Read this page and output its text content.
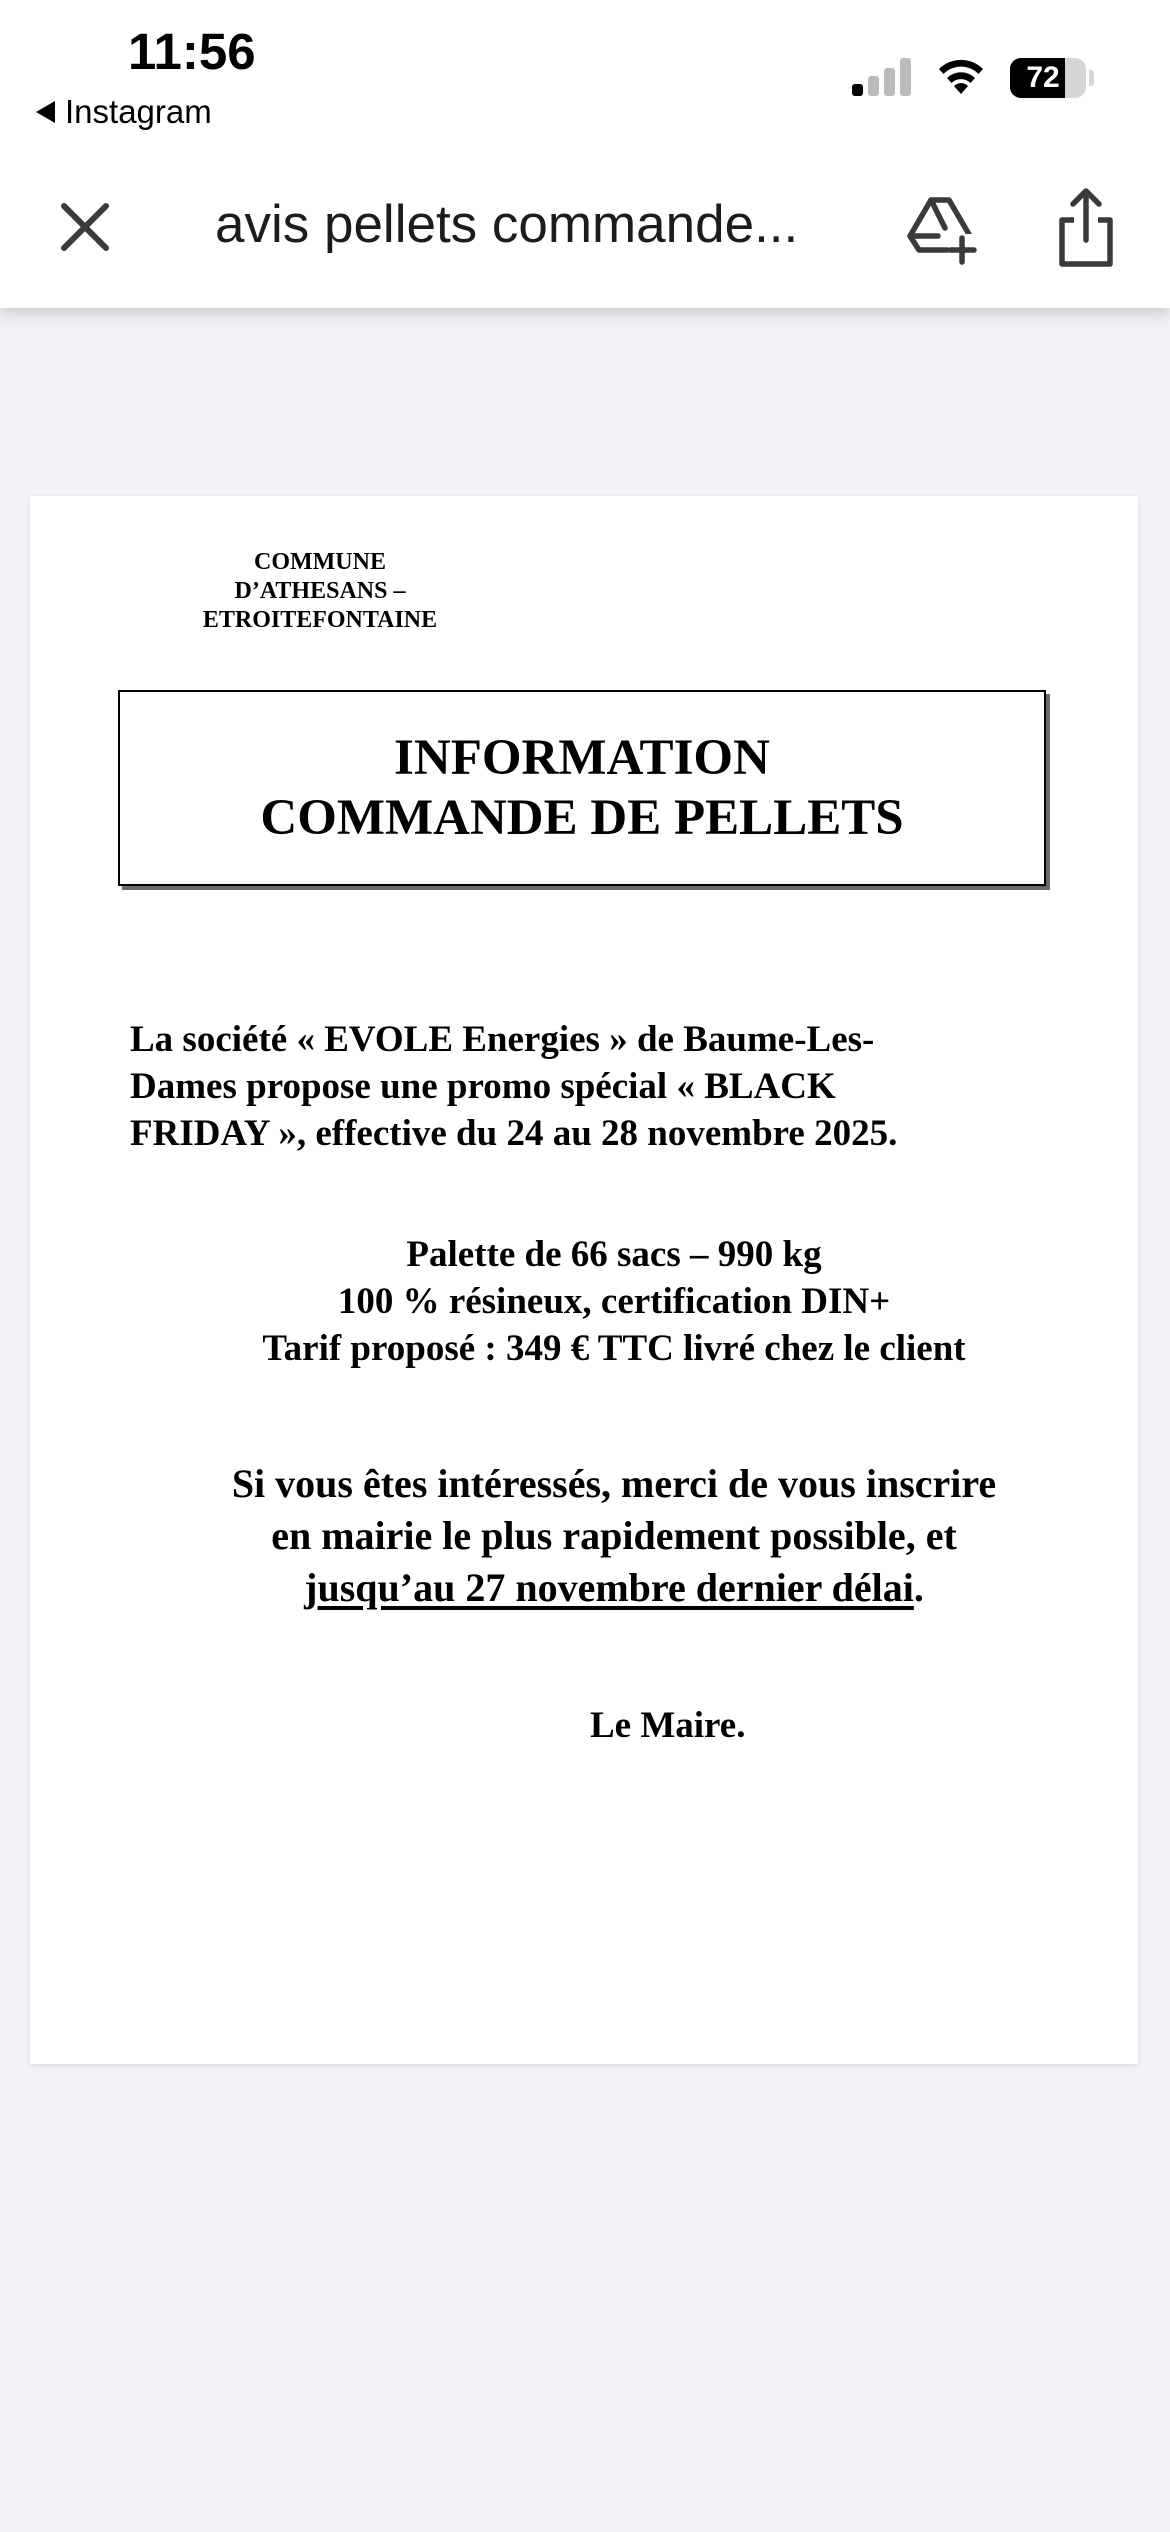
11:56
Instagram
72
avis pellets commande...
COMMUNE
D’ATHESANS – ETROITEFONTAINE
INFORMATION
COMMANDE DE PELLETS
La société « EVOLE Energies » de Baume-Les-
Dames propose une promo spécial « BLACK
FRIDAY », effective du 24 au 28 novembre 2025.
Palette de 66 sacs – 990 kg
100 % résineux, certification DIN+
Tarif proposé : 349 € TTC livré chez le client
Si vous êtes intéressés, merci de vous inscrire
en mairie le plus rapidement possible, et
jusqu’au 27 novembre dernier délai.
Le Maire.
